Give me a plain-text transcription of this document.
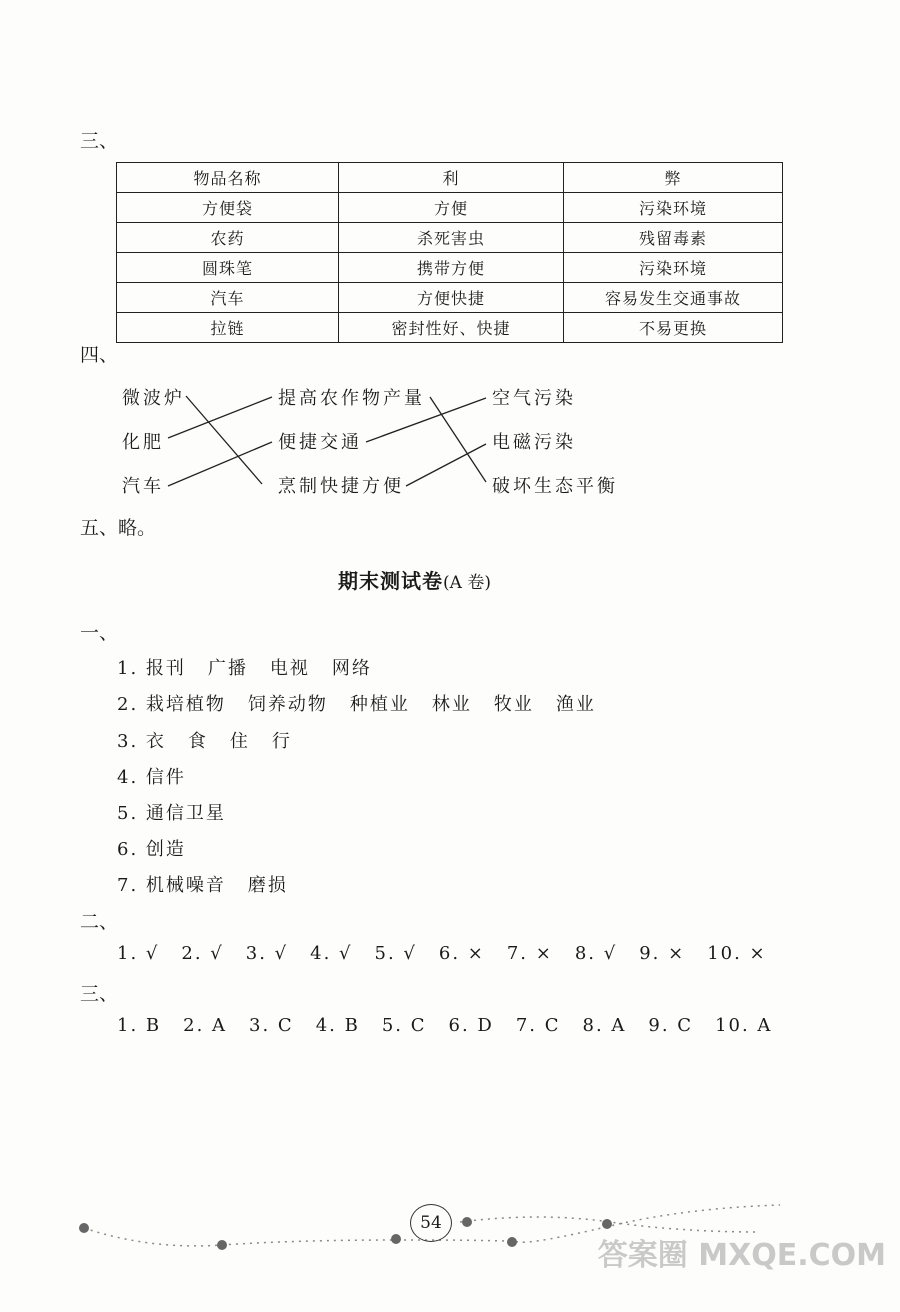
三、
物品名称	利	弊
方便袋	方便	污染环境
农药	杀死害虫	残留毒素
圆珠笔	携带方便	污染环境
汽车	方便快捷	容易发生交通事故
拉链	密封性好、快捷	不易更换
四、
微波炉
化肥
汽车
提高农作物产量
便捷交通
烹制快捷方便
空气污染
电磁污染
破坏生态平衡
五、略。
期末测试卷(A 卷)
一、
1. 报刊 广播 电视 网络
2. 栽培植物 饲养动物 种植业 林业 牧业 渔业
3. 衣 食 住 行
4. 信件
5. 通信卫星
6. 创造
7. 机械噪音 磨损
二、
1. √ 2. √ 3. √ 4. √ 5. √ 6. × 7. × 8. √ 9. × 10. ×
三、
1. B 2. A 3. C 4. B 5. C 6. D 7. C 8. A 9. C 10. A
54
答案圈 MXQE.COM
